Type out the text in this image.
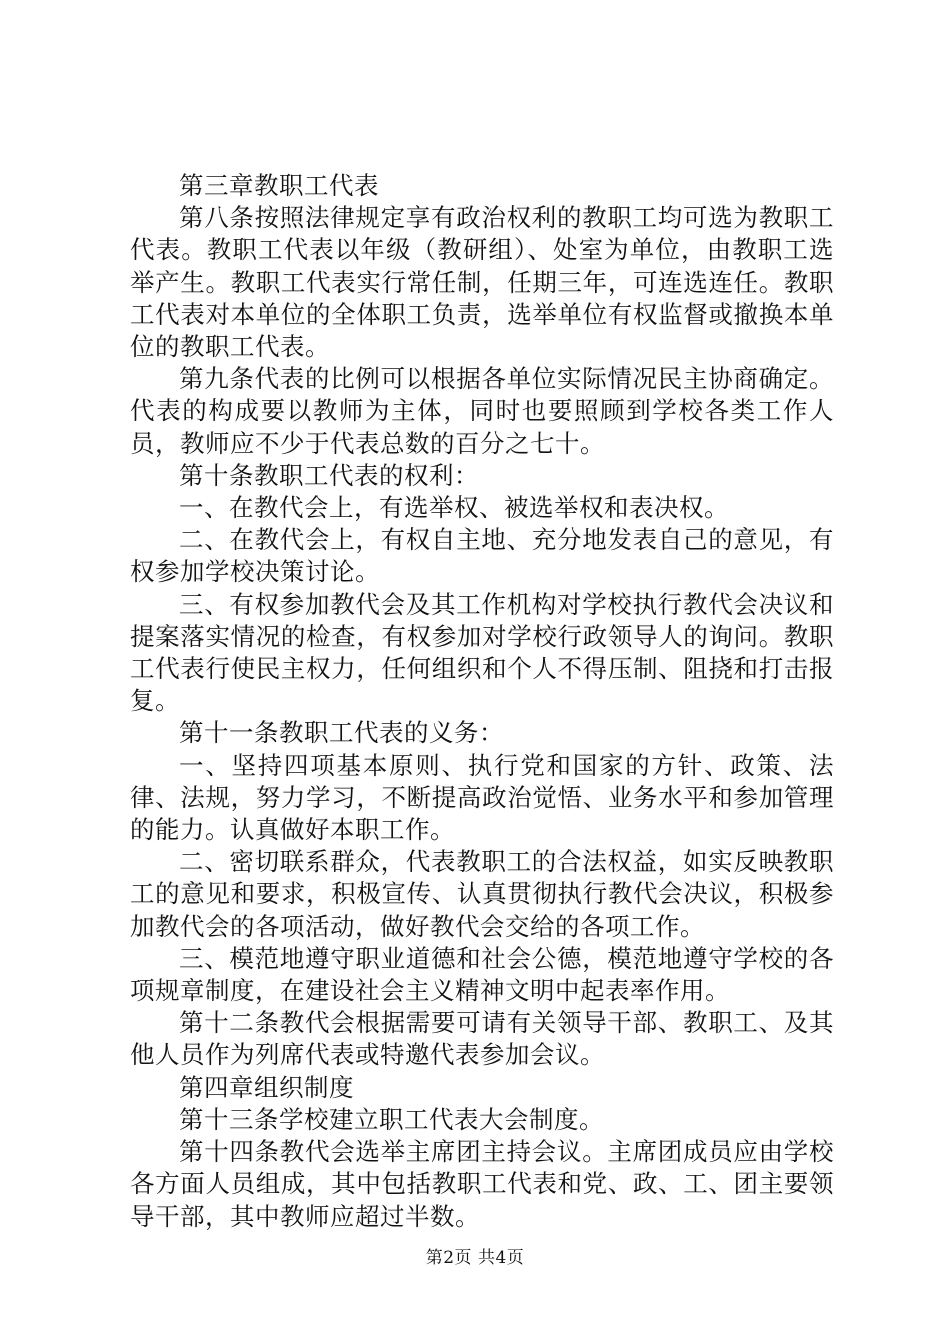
第三章教职工代表

第八条按照法律规定享有政治权利的教职工均可选为教职工代表。教职工代表以年级（教研组）、处室为单位，由教职工选举产生。教职工代表实行常任制，任期三年，可连选连任。教职工代表对本单位的全体职工负责，选举单位有权监督或撤换本单位的教职工代表。

第九条代表的比例可以根据各单位实际情况民主协商确定。代表的构成要以教师为主体，同时也要照顾到学校各类工作人员，教师应不少于代表总数的百分之七十。

第十条教职工代表的权利：

一、在教代会上，有选举权、被选举权和表决权。

二、在教代会上，有权自主地、充分地发表自己的意见，有权参加学校决策讨论。

三、有权参加教代会及其工作机构对学校执行教代会决议和提案落实情况的检查，有权参加对学校行政领导人的询问。教职工代表行使民主权力，任何组织和个人不得压制、阻挠和打击报复。

第十一条教职工代表的义务：

一、坚持四项基本原则、执行党和国家的方针、政策、法律、法规，努力学习，不断提高政治觉悟、业务水平和参加管理的能力。认真做好本职工作。

二、密切联系群众，代表教职工的合法权益，如实反映教职工的意见和要求，积极宣传、认真贯彻执行教代会决议，积极参加教代会的各项活动，做好教代会交给的各项工作。

三、模范地遵守职业道德和社会公德，模范地遵守学校的各项规章制度，在建设社会主义精神文明中起表率作用。

第十二条教代会根据需要可请有关领导干部、教职工、及其他人员作为列席代表或特邀代表参加会议。

第四章组织制度

第十三条学校建立职工代表大会制度。

第十四条教代会选举主席团主持会议。主席团成员应由学校各方面人员组成，其中包括教职工代表和党、政、工、团主要领导干部，其中教师应超过半数。

第2页 共4页
